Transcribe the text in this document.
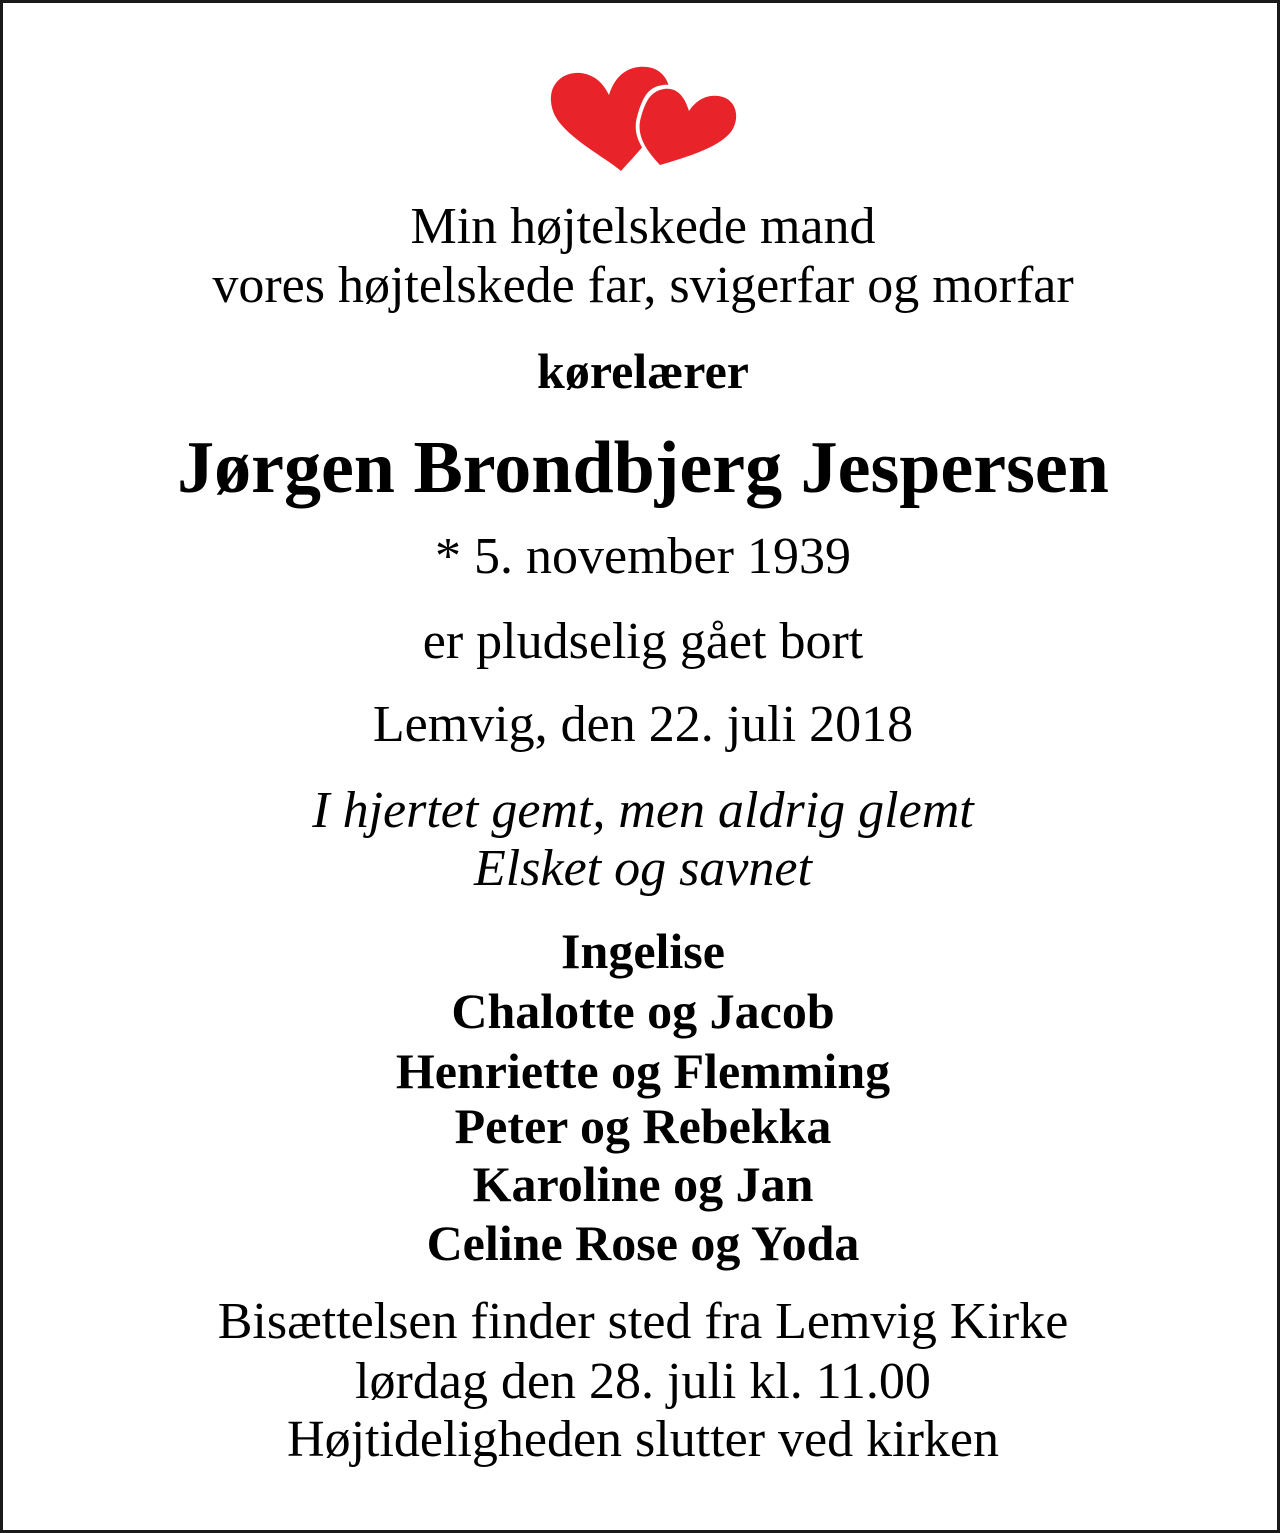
Min højtelskede mand

vores højtelskede far, svigerfar og morfar

kørelærer

Jørgen Brondbjerg Jespersen

* 5. november 1939

er pludselig gået bort

Lemvig, den 22. juli 2018

I hjertet gemt, men aldrig glemt

Elsket og savnet

Ingelise

Chalotte og Jacob

Henriette og Flemming

Peter og Rebekka

Karoline og Jan

Celine Rose og Yoda

Bisættelsen finder sted fra Lemvig Kirke

lørdag den 28. juli kl. 11.00

Højtideligheden slutter ved kirken
